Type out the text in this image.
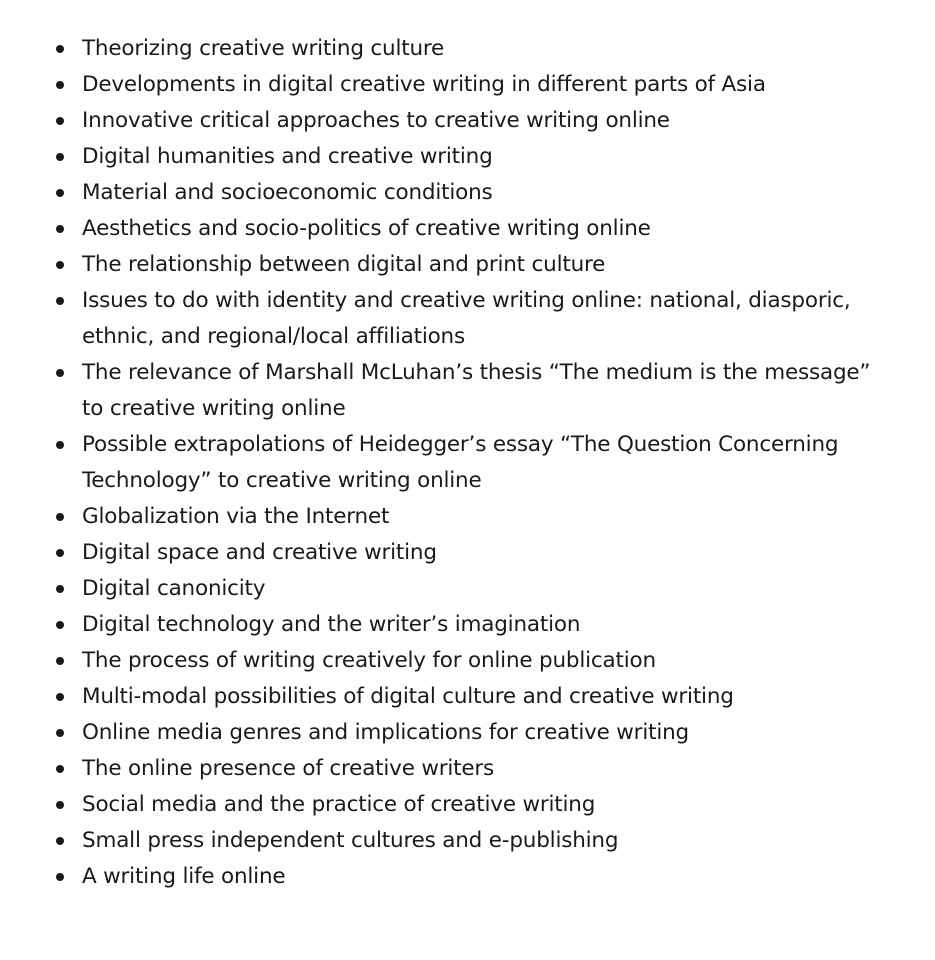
Theorizing creative writing culture
Developments in digital creative writing in different parts of Asia
Innovative critical approaches to creative writing online
Digital humanities and creative writing
Material and socioeconomic conditions
Aesthetics and socio-politics of creative writing online
The relationship between digital and print culture
Issues to do with identity and creative writing online: national, diasporic, ethnic, and regional/local affiliations
The relevance of Marshall McLuhan’s thesis “The medium is the message” to creative writing online
Possible extrapolations of Heidegger’s essay “The Question Concerning Technology” to creative writing online
Globalization via the Internet
Digital space and creative writing
Digital canonicity
Digital technology and the writer’s imagination
The process of writing creatively for online publication
Multi-modal possibilities of digital culture and creative writing
Online media genres and implications for creative writing
The online presence of creative writers
Social media and the practice of creative writing
Small press independent cultures and e-publishing
A writing life online
